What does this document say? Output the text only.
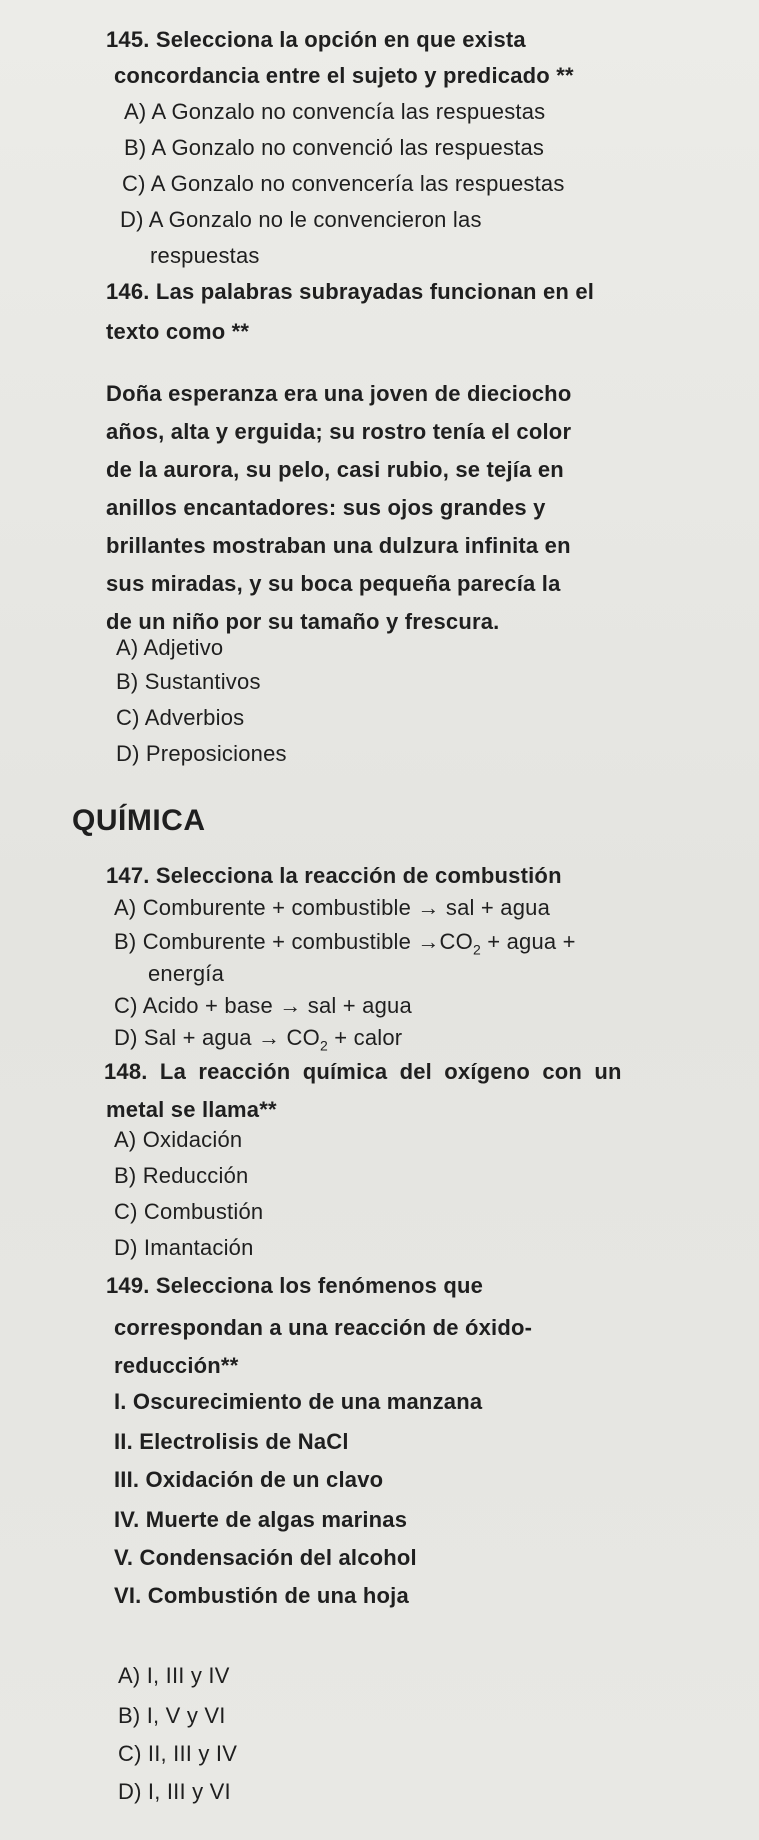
145. Selecciona la opción en que exista
concordancia entre el sujeto y predicado **
A) A Gonzalo no convencía las respuestas
B) A Gonzalo no convenció las respuestas
C) A Gonzalo no convencería las respuestas
D) A Gonzalo no le convencieron las
respuestas
146. Las palabras subrayadas funcionan en el
texto como **
Doña esperanza era una joven de dieciocho
años, alta y erguida; su rostro tenía el color
de la aurora, su pelo, casi rubio, se tejía en
anillos encantadores: sus ojos grandes y
brillantes mostraban una dulzura infinita en
sus miradas, y su boca pequeña parecía la
de un niño por su tamaño y frescura.
A) Adjetivo
B) Sustantivos
C) Adverbios
D) Preposiciones
QUÍMICA
147. Selecciona la reacción de combustión
A) Comburente + combustible → sal + agua
B) Comburente + combustible $\to CO_2$ + agua +
energía
C) Acido + base → sal + agua
D) Sal + agua → $CO_2$ + calor
148. La reacción química del oxígeno con un
metal se llama**
A) Oxidación
B) Reducción
C) Combustión
D) Imantación
149. Selecciona los fenómenos que
correspondan a una reacción de óxido-
reducción**
I. Oscurecimiento de una manzana
II. Electrolisis de NaCl
III. Oxidación de un clavo
IV. Muerte de algas marinas
V. Condensación del alcohol
VI. Combustión de una hoja
A) I, III y IV
B) I, V y VI
C) II, III y IV
D) I, III y VI
